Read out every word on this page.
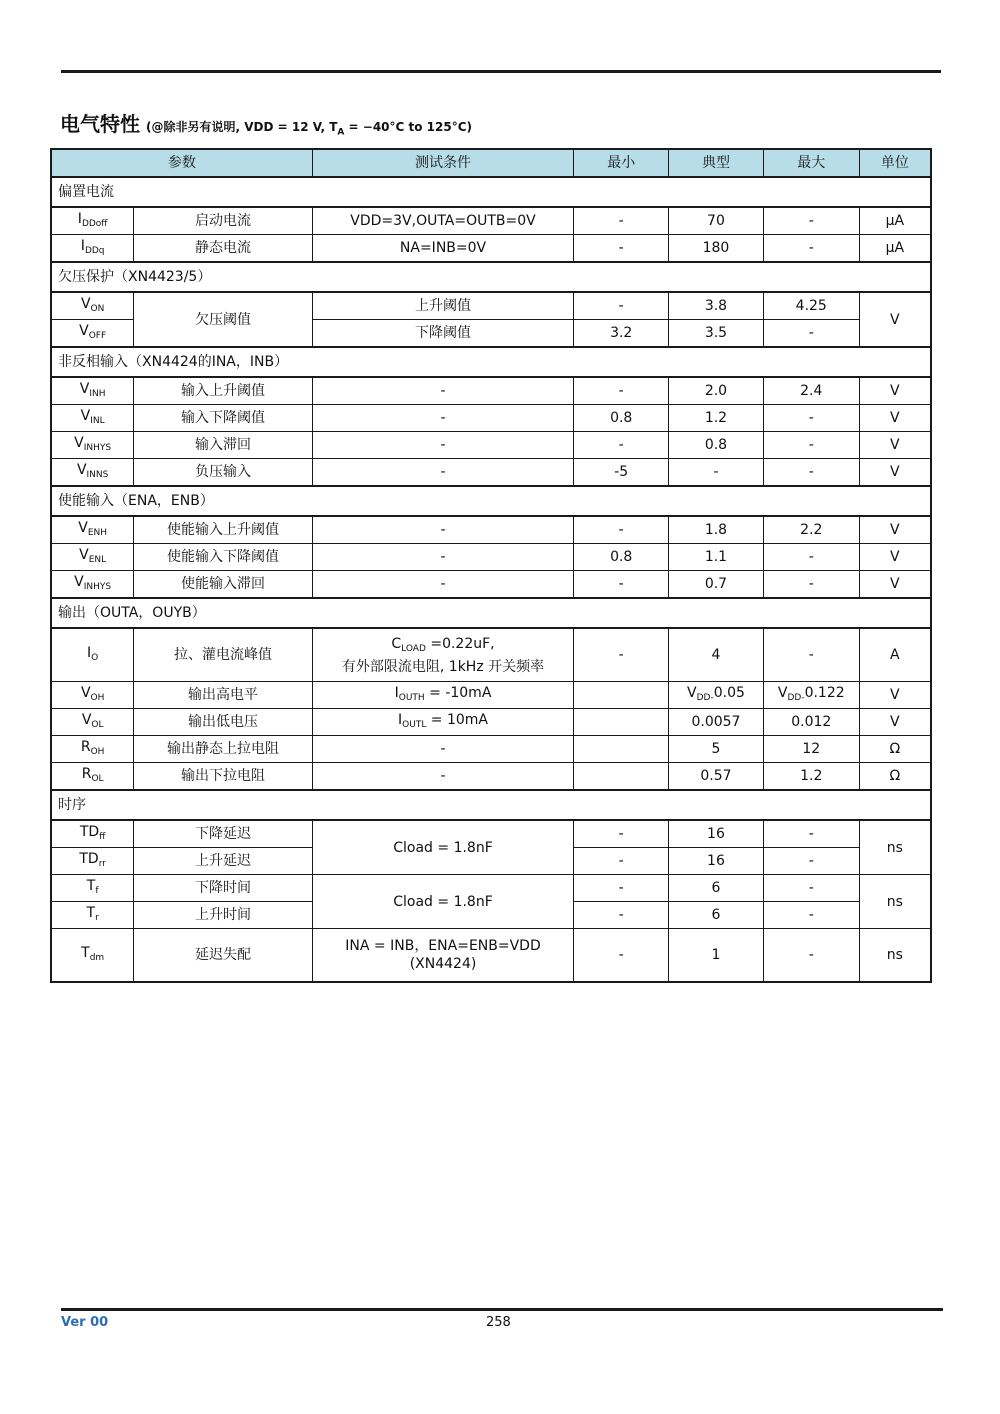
电气特性 (@除非另有说明, VDD = 12 V, $T_A = -40^\circ C$ to 125°C)
参数		测试条件	最小	典型	最大	单位
偏置电流						
$I_{DDoff}$	启动电流	VDD=3V,OUTA=OUTB=0V	-	70	-	μA
$I_{DDq}$	静态电流	NA=INB=0V	-	180	-	μA
欠压保护（XN4423/5）						
$V_{ON}$	欠压阈值	上升阈值	-	3.8	4.25	V
$V_{OFF}$		下降阈值	3.2	3.5	-	
非反相输入（XN4424的INA，INB）						
$V_{INH}$	输入上升阈值	-	-	2.0	2.4	V
$V_{INL}$	输入下降阈值	-	0.8	1.2	-	V
$V_{INHYS}$	输入滞回	-	-	0.8	-	V
$V_{INNS}$	负压输入	-	-5	-	-	V
使能输入（ENA，ENB）						
$V_{ENH}$	使能输入上升阈值	-	-	1.8	2.2	V
$V_{ENL}$	使能输入下降阈值	-	0.8	1.1	-	V
$V_{INHYS}$	使能输入滞回	-	-	0.7	-	V
输出（OUTA，OUYB）						
$I_O$	拉、灌电流峰值	$C_{LOAD} =0.22uF$,
有外部限流电阻, 1kHz 开关频率	-	4	-	A
$V_{OH}$	输出高电平	$I_{OUTH} = -10mA$		$V_{DD-}0.05$	$V_{DD-}0.122$	V
$V_{OL}$	输出低电压	$I_{OUTL} = 10mA$		0.0057	0.012	V
$R_{OH}$	输出静态上拉电阻	-		5	12	Ω
$R_{OL}$	输出下拉电阻	-		0.57	1.2	Ω
时序						
$TD_{ff}$	下降延迟	Cload = 1.8nF	-	16	-	ns
$TD_{rr}$	上升延迟		-	16	-	
$T_f$	下降时间	Cload = 1.8nF	-	6	-	ns
$T_r$	上升时间		-	6	-	
$T_{dm}$	延迟失配	INA = INB，ENA=ENB=VDD
(XN4424)	-	1	-	ns
Ver 00	258
